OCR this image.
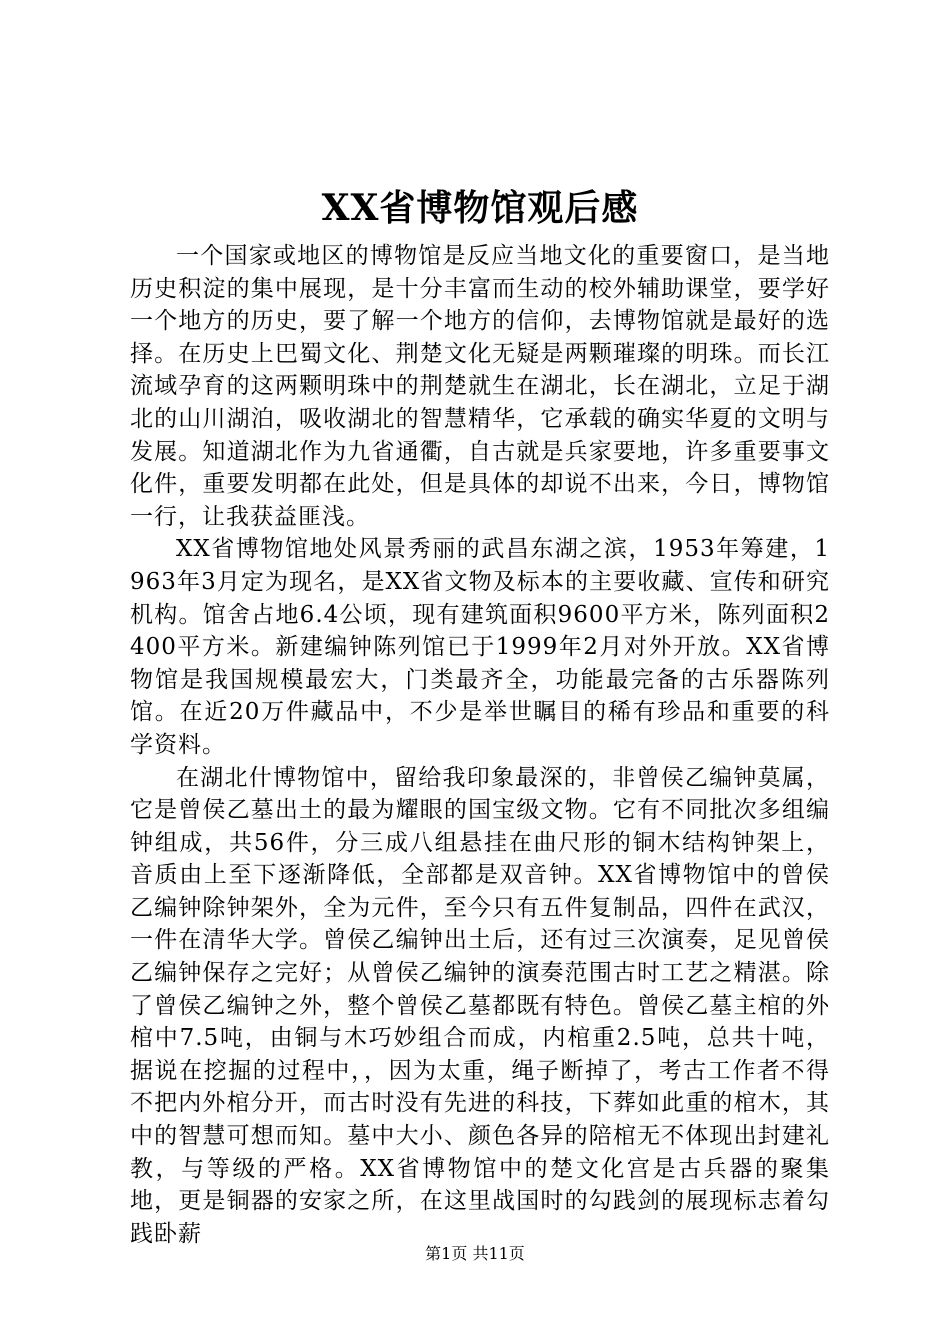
XX省博物馆观后感

一个国家或地区的博物馆是反应当地文化的重要窗口，是当地历史积淀的集中展现，是十分丰富而生动的校外辅助课堂，要学好一个地方的历史，要了解一个地方的信仰，去博物馆就是最好的选择。在历史上巴蜀文化、荆楚文化无疑是两颗璀璨的明珠。而长江流域孕育的这两颗明珠中的荆楚就生在湖北，长在湖北，立足于湖北的山川湖泊，吸收湖北的智慧精华，它承载的确实华夏的文明与发展。知道湖北作为九省通衢，自古就是兵家要地，许多重要事文化件，重要发明都在此处，但是具体的却说不出来，今日，博物馆一行，让我获益匪浅。

XX省博物馆地处风景秀丽的武昌东湖之滨，1953年筹建，1963年3月定为现名，是XX省文物及标本的主要收藏、宣传和研究机构。馆舍占地6.4公顷，现有建筑面积9600平方米，陈列面积2400平方米。新建编钟陈列馆已于1999年2月对外开放。XX省博物馆是我国规模最宏大，门类最齐全，功能最完备的古乐器陈列馆。在近20万件藏品中，不少是举世瞩目的稀有珍品和重要的科学资料。

在湖北什博物馆中，留给我印象最深的，非曾侯乙编钟莫属，它是曾侯乙墓出土的最为耀眼的国宝级文物。它有不同批次多组编钟组成，共56件，分三成八组悬挂在曲尺形的铜木结构钟架上，音质由上至下逐渐降低，全部都是双音钟。XX省博物馆中的曾侯乙编钟除钟架外，全为元件，至今只有五件复制品，四件在武汉，一件在清华大学。曾侯乙编钟出土后，还有过三次演奏，足见曾侯乙编钟保存之完好；从曾侯乙编钟的演奏范围古时工艺之精湛。除了曾侯乙编钟之外，整个曾侯乙墓都既有特色。曾侯乙墓主棺的外棺中7.5吨，由铜与木巧妙组合而成，内棺重2.5吨，总共十吨，据说在挖掘的过程中，，因为太重，绳子断掉了，考古工作者不得不把内外棺分开，而古时没有先进的科技，下葬如此重的棺木，其中的智慧可想而知。墓中大小、颜色各异的陪棺无不体现出封建礼教，与等级的严格。XX省博物馆中的楚文化宫是古兵器的聚集地，更是铜器的安家之所，在这里战国时的勾践剑的展现标志着勾践卧薪

第1页 共11页
